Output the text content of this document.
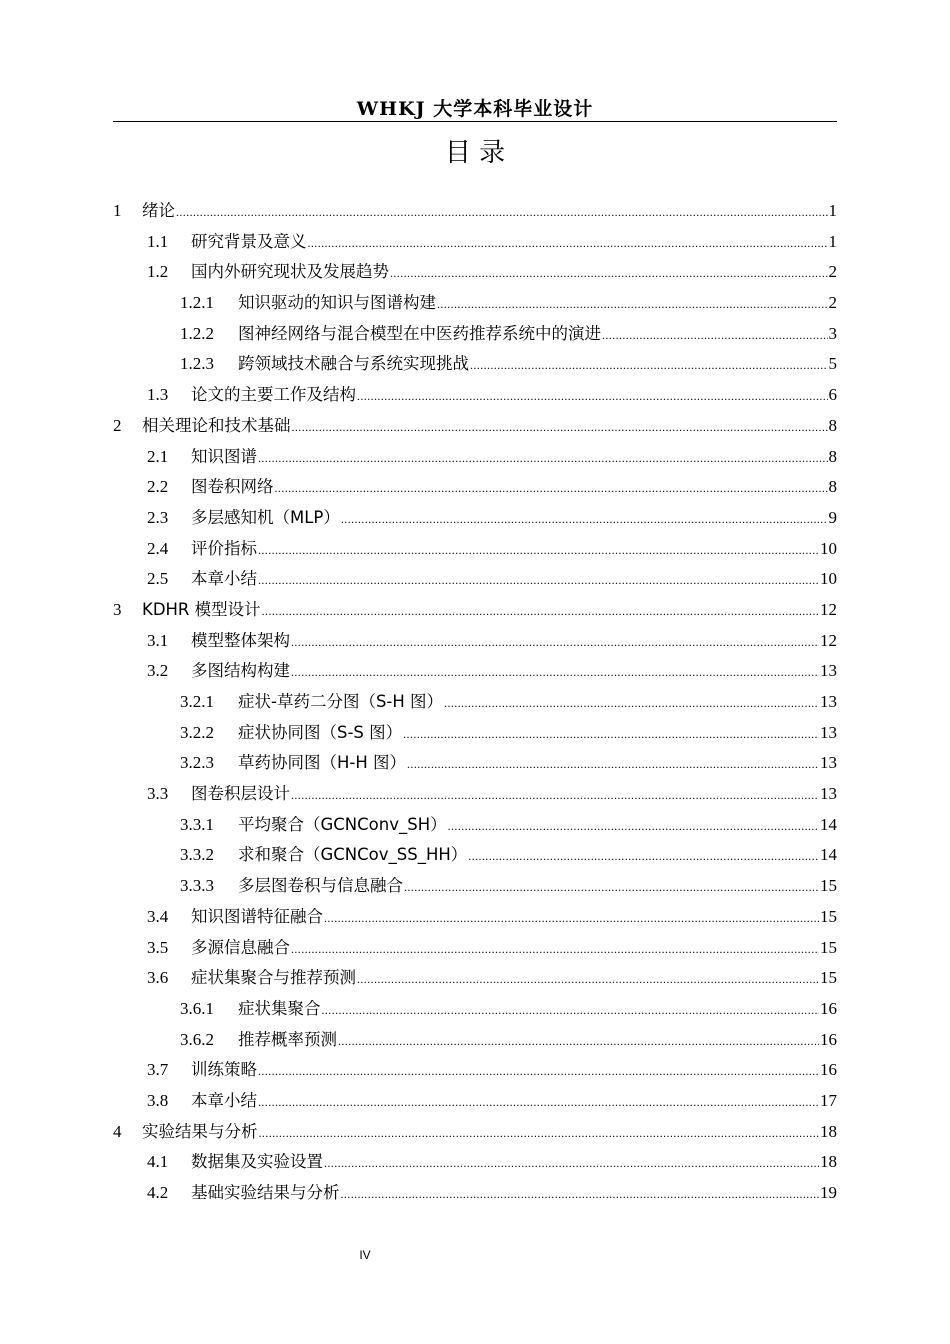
WHKJ 大学本科毕业设计
目 录
1	绪论 .....	1
1.1	研究背景及意义 .....	1
1.2	国内外研究现状及发展趋势 .....	2
1.2.1	知识驱动的知识与图谱构建 .....	2
1.2.2	图神经网络与混合模型在中医药推荐系统中的演进 .....	3
1.2.3	跨领域技术融合与系统实现挑战 .....	5
1.3	论文的主要工作及结构 .....	6
2	相关理论和技术基础 .....	8
2.1	知识图谱 .....	8
2.2	图卷积网络 .....	8
2.3	多层感知机（MLP） .....	9
2.4	评价指标 .....	10
2.5	本章小结 .....	10
3	KDHR 模型设计 .....	12
3.1	模型整体架构 .....	12
3.2	多图结构构建 .....	13
3.2.1	症状-草药二分图（S-H 图） .....	13
3.2.2	症状协同图（S-S 图） .....	13
3.2.3	草药协同图（H-H 图） .....	13
3.3	图卷积层设计 .....	13
3.3.1	平均聚合（GCNConv_SH） .....	14
3.3.2	求和聚合（GCNCov_SS_HH） .....	14
3.3.3	多层图卷积与信息融合 .....	15
3.4	知识图谱特征融合 .....	15
3.5	多源信息融合 .....	15
3.6	症状集聚合与推荐预测 .....	15
3.6.1	症状集聚合 .....	16
3.6.2	推荐概率预测 .....	16
3.7	训练策略 .....	16
3.8	本章小结 .....	17
4	实验结果与分析 .....	18
4.1	数据集及实验设置 .....	18
4.2	基础实验结果与分析 .....	19
IV
